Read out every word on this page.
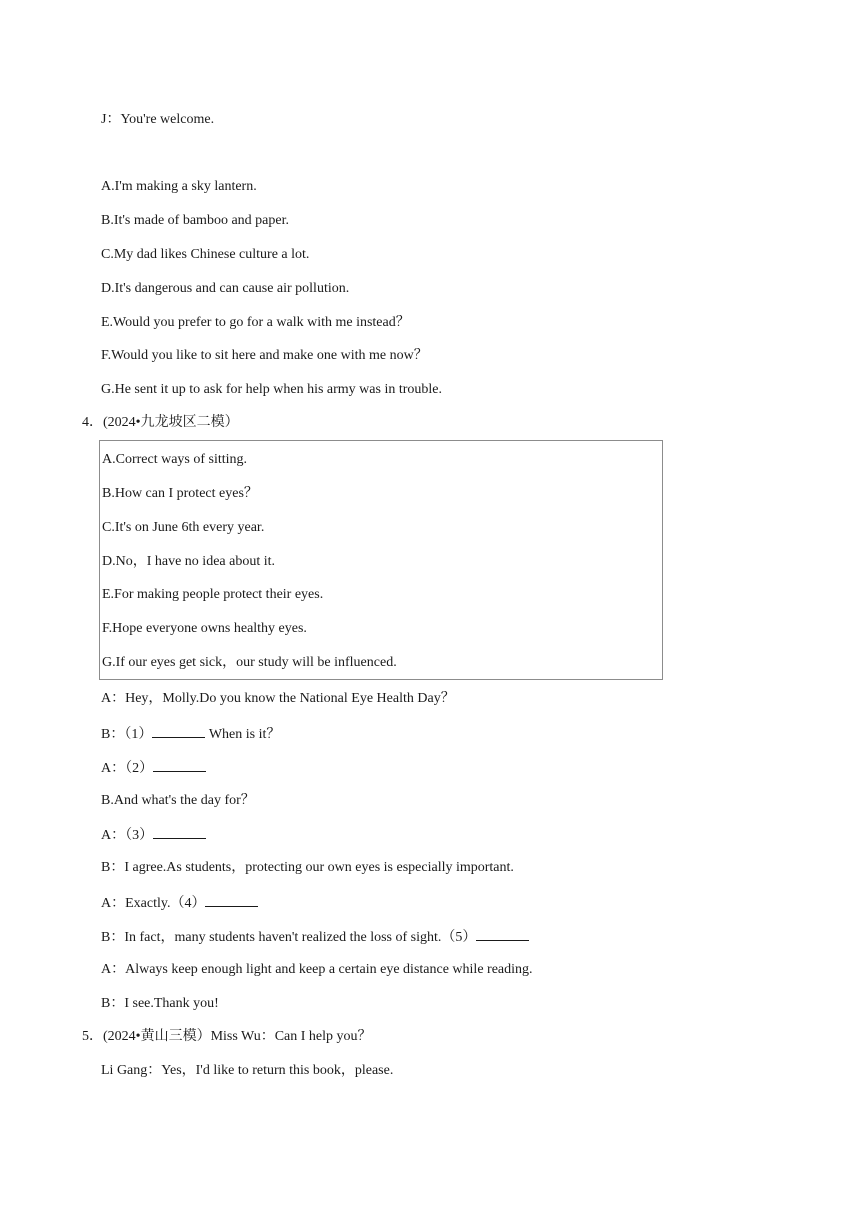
J：You're welcome.
A.I'm making a sky lantern.
B.It's made of bamboo and paper.
C.My dad likes Chinese culture a lot.
D.It's dangerous and can cause air pollution.
E.Would you prefer to go for a walk with me instead？
F.Would you like to sit here and make one with me now？
G.He sent it up to ask for help when his army was in trouble.
4．(2024•九龙坡区二模）
A.Correct ways of sitting.
B.How can I protect eyes？
C.It's on June 6th every year.
D.No，I have no idea about it.
E.For making people protect their eyes.
F.Hope everyone owns healthy eyes.
G.If our eyes get sick，our study will be influenced.
A：Hey，Molly.Do you know the National Eye Health Day？
B：（1）	When is it？
A：（2）
B.And what's the day for？
A：（3）
B：I agree.As students，protecting our own eyes is especially important.
A：Exactly.（4）
B：In fact，many students haven't realized the loss of sight.（5）
A：Always keep enough light and keep a certain eye distance while reading.
B：I see.Thank you!
5．(2024•黄山三模）Miss Wu：Can I help you？
Li Gang：Yes，I'd like to return this book，please.
